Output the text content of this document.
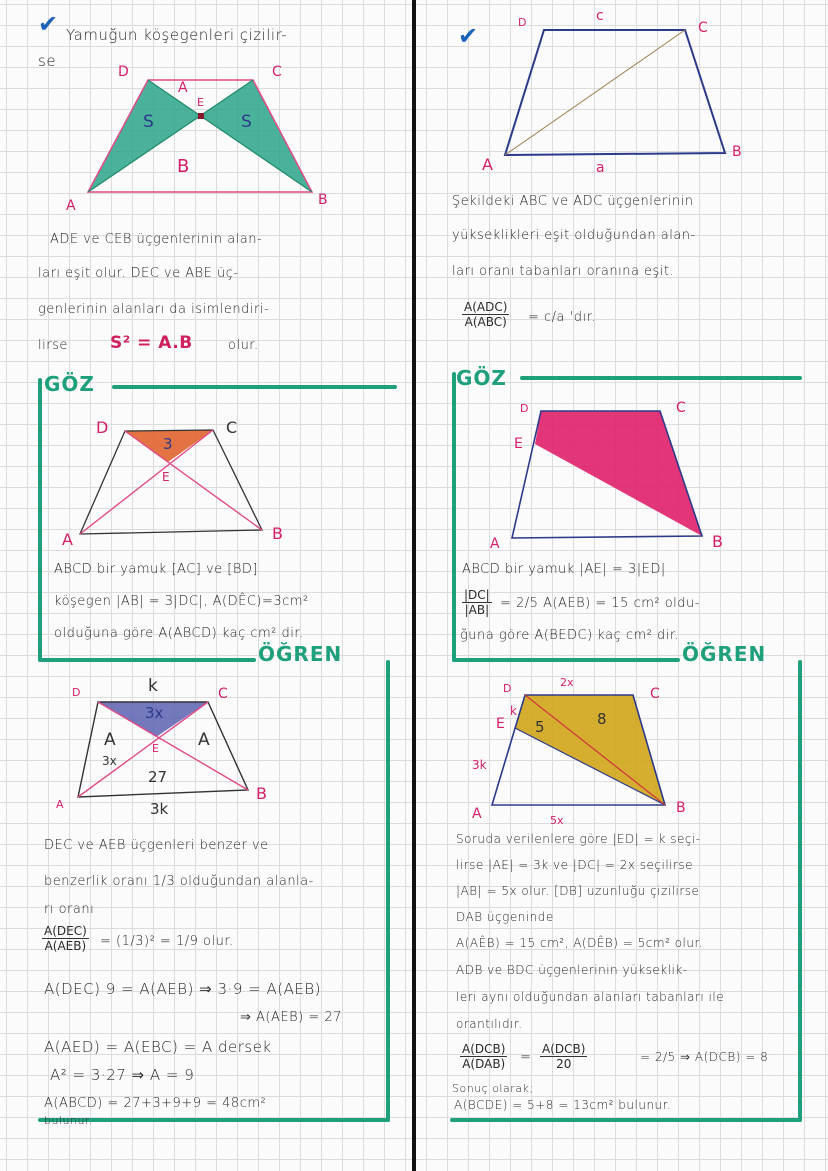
✔ Yamuğun köşegenleri çizilir-
se
D	C
A	B
A
E
B
S	S
ADE ve CEB üçgenlerinin alan-
ları eşit olur. DEC ve ABE üç-
genlerinin alanları da isimlendiri-
lirse S² = A.B	olur.
GÖZ
ÖĞREN
D	C
A	B
E
3
ABCD bir yamuk [AC] ve [BD]
köşegen |AB| = 3|DC|, A(DÊC)=3cm²
olduğuna göre A(ABCD) kaç cm² dir.
D	C
A
B
E
k
3k
3x
A	A
3x
27
DEC ve AEB üçgenleri benzer ve
benzerlik oranı 1/3 olduğundan alanla-
rı oranı
A(DEC)
A(AEB) = (1/3)² = 1/9 olur.
A(DEC) 9 = A(AEB) ⇒ 3·9 = A(AEB)
⇒ A(AEB) = 27
A(AED) = A(EBC) = A dersek
A² = 3·27 ⇒ A = 9
A(ABCD) = 27+3+9+9 = 48cm²
bulunur.
✔	D	c
C
A
B
a
Şekildeki ABC ve ADC üçgenlerinin
yükseklikleri eşit olduğundan alan-
ları oranı tabanları oranına eşit.
A(ADC)
A(ABC) = c/a 'dır.
GÖZ
ÖĞREN
D	C
E
A	B
ABCD bir yamuk |AE| = 3|ED|
$\frac{|DC|}{|AB|} = 2/5$ A(AEB) = 15 cm² oldu-
ğuna göre A(BEDC) kaç cm² dir.
D	C
E
A	B
2x
5x
k
3k
5	8
Soruda verilenlere göre |ED| = k seçi-
lirse |AE| = 3k ve |DC| = 2x seçilirse
|AB| = 5x olur. [DB] uzunluğu çizilirse
DAB üçgeninde
A(AÊB) = 15 cm², A(DÊB) = 5cm² olur.
ADB ve BDC üçgenlerinin yükseklik-
leri aynı olduğundan alanları tabanları ile
orantılıdır.
A(DCB)
A(DAB) =
A(DCB)
20	= 2/5 ⇒ A(DCB) = 8
Sonuç olarak;
A(BCDE) = 5+8 = 13cm² bulunur.
